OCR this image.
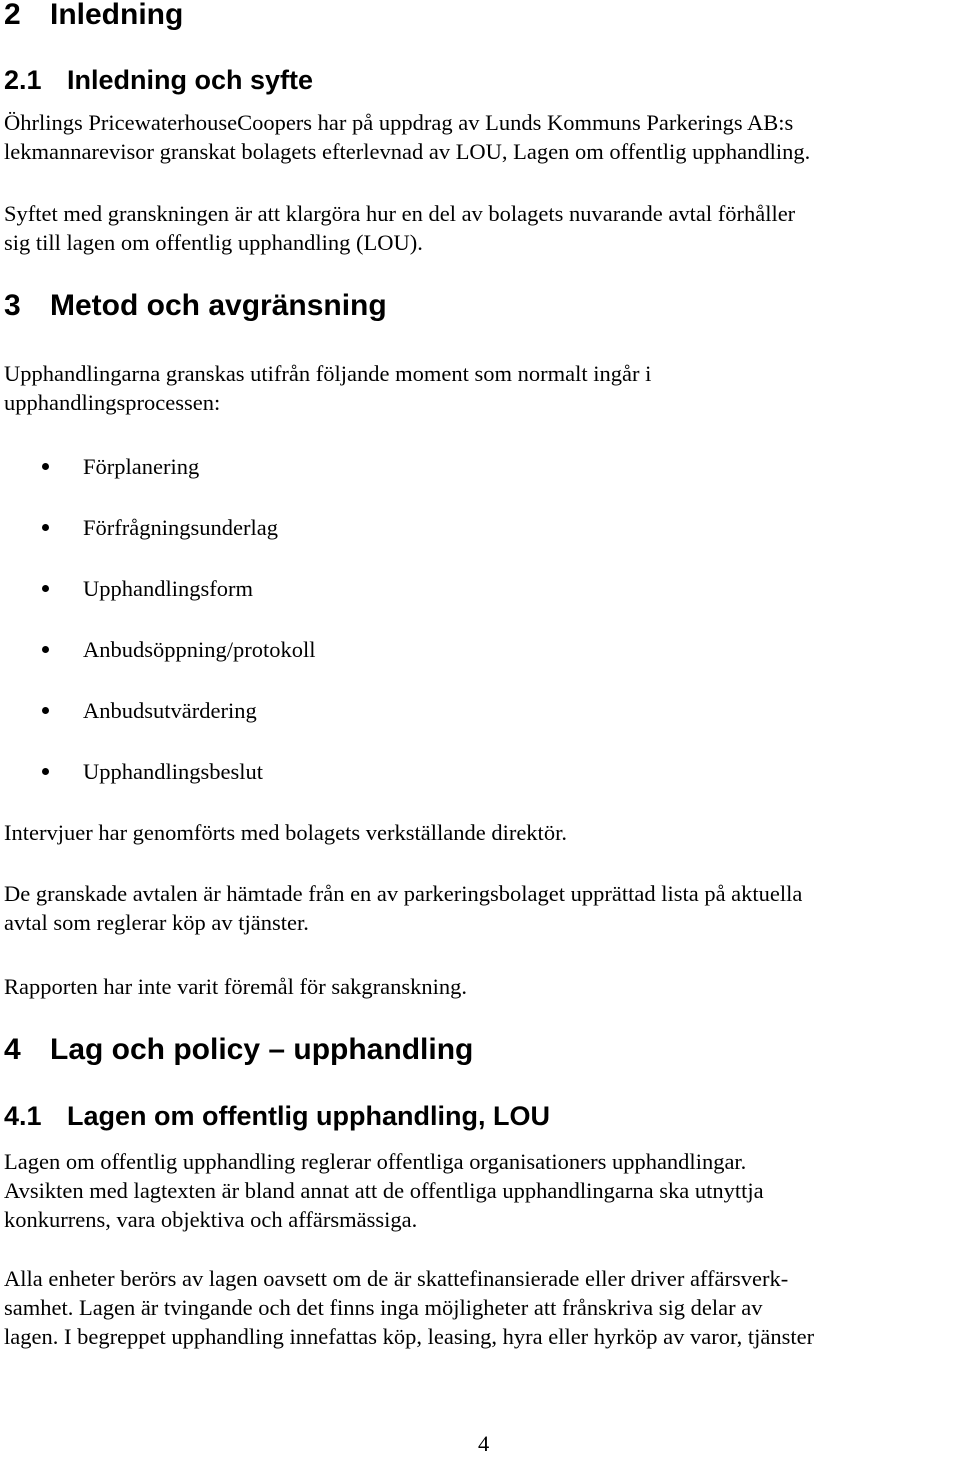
2 Inledning
2.1 Inledning och syfte
Öhrlings PricewaterhouseCoopers har på uppdrag av Lunds Kommuns Parkerings AB:s
lekmannarevisor granskat bolagets efterlevnad av LOU, Lagen om offentlig upphandling.
Syftet med granskningen är att klargöra hur en del av bolagets nuvarande avtal förhåller
sig till lagen om offentlig upphandling (LOU).
3 Metod och avgränsning
Upphandlingarna granskas utifrån följande moment som normalt ingår i
upphandlingsprocessen:
Förplanering
Förfrågningsunderlag
Upphandlingsform
Anbudsöppning/protokoll
Anbudsutvärdering
Upphandlingsbeslut
Intervjuer har genomförts med bolagets verkställande direktör.
De granskade avtalen är hämtade från en av parkeringsbolaget upprättad lista på aktuella
avtal som reglerar köp av tjänster.
Rapporten har inte varit föremål för sakgranskning.
4 Lag och policy – upphandling
4.1 Lagen om offentlig upphandling, LOU
Lagen om offentlig upphandling reglerar offentliga organisationers upphandlingar.
Avsikten med lagtexten är bland annat att de offentliga upphandlingarna ska utnyttja
konkurrens, vara objektiva och affärsmässiga.
Alla enheter berörs av lagen oavsett om de är skattefinansierade eller driver affärsverk-
samhet. Lagen är tvingande och det finns inga möjligheter att frånskriva sig delar av
lagen. I begreppet upphandling innefattas köp, leasing, hyra eller hyrköp av varor, tjänster
4
